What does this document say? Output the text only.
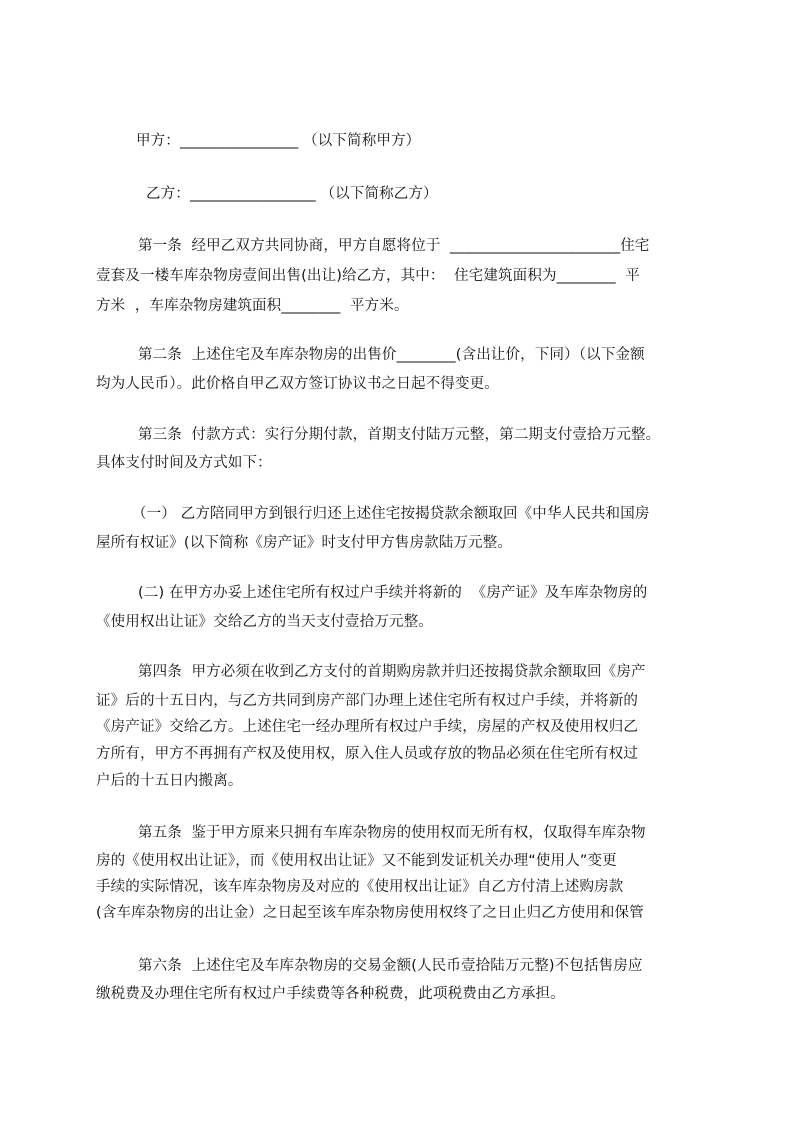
甲方：________________ （以下简称甲方）
乙方：_________________ （以下简称乙方）
第一条  经甲乙双方共同协商，甲方自愿将位于  _______________________住宅
壹套及一楼车库杂物房壹间出售(出让)给乙方，其中：  住宅建筑面积为________  平
方米  ，车库杂物房建筑面积________  平方米。
第二条  上述住宅及车库杂物房的出售价________(含出让价，下同）（以下金额
均为人民币）。此价格自甲乙双方签订协议书之日起不得变更。
第三条  付款方式：实行分期付款，首期支付陆万元整，第二期支付壹拾万元整。
具体支付时间及方式如下：
（一） 乙方陪同甲方到银行归还上述住宅按揭贷款余额取回《中华人民共和国房
屋所有权证》(以下简称《房产证》时支付甲方售房款陆万元整。
(二) 在甲方办妥上述住宅所有权过户手续并将新的  《房产证》及车库杂物房的
《使用权出让证》交给乙方的当天支付壹拾万元整。
第四条  甲方必须在收到乙方支付的首期购房款并归还按揭贷款余额取回《房产
证》后的十五日内，与乙方共同到房产部门办理上述住宅所有权过户手续，并将新的
《房产证》交给乙方。上述住宅一经办理所有权过户手续，房屋的产权及使用权归乙
方所有，甲方不再拥有产权及使用权，原入住人员或存放的物品必须在住宅所有权过
户后的十五日内搬离。
第五条  鉴于甲方原来只拥有车库杂物房的使用权而无所有权，仅取得车库杂物
房的《使用权出让证》，而《使用权出让证》又不能到发证机关办理“使用人”变更
手续的实际情况，该车库杂物房及对应的《使用权出让证》自乙方付清上述购房款
(含车库杂物房的出让金）之日起至该车库杂物房使用权终了之日止归乙方使用和保管
第六条  上述住宅及车库杂物房的交易金额(人民币壹拾陆万元整)不包括售房应
缴税费及办理住宅所有权过户手续费等各种税费，此项税费由乙方承担。
